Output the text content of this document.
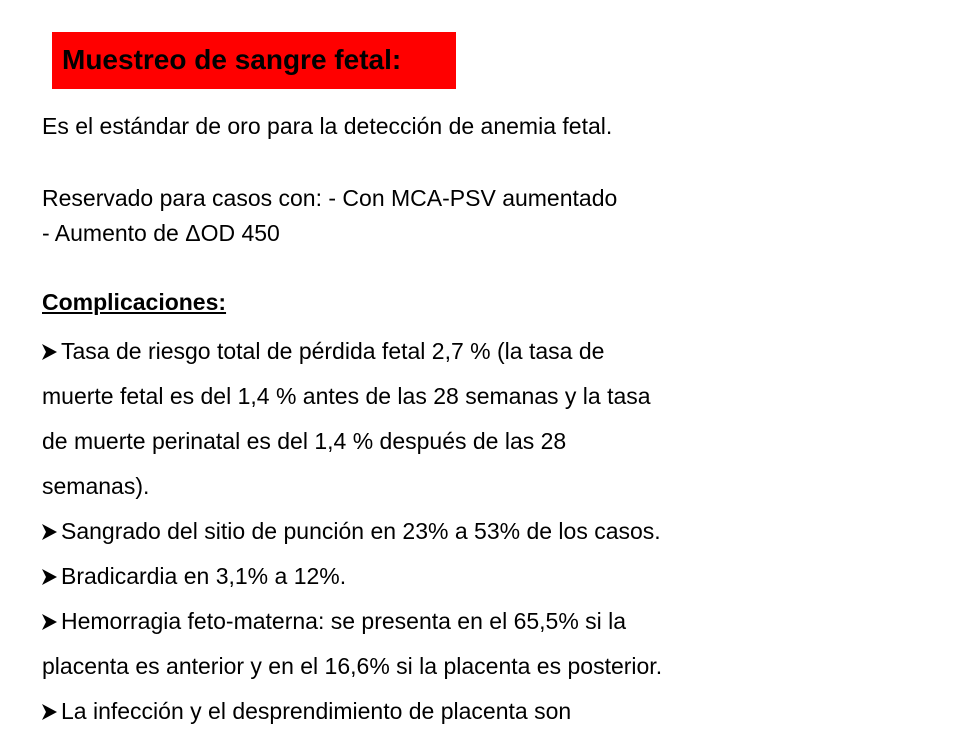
Muestreo de sangre fetal:
Es el estándar de oro para la detección de anemia fetal.
Reservado para casos con: - Con MCA-PSV aumentado
- Aumento de ΔOD 450
Complicaciones:
Tasa de riesgo total de pérdida fetal 2,7 % (la tasa de
muerte fetal es del 1,4 % antes de las 28 semanas y la tasa
de muerte perinatal es del 1,4 % después de las 28
semanas).
Sangrado del sitio de punción en 23% a 53% de los casos.
Bradicardia en 3,1% a 12%.
Hemorragia feto-materna: se presenta en el 65,5% si la
placenta es anterior y en el 16,6% si la placenta es posterior.
La infección y el desprendimiento de placenta son
